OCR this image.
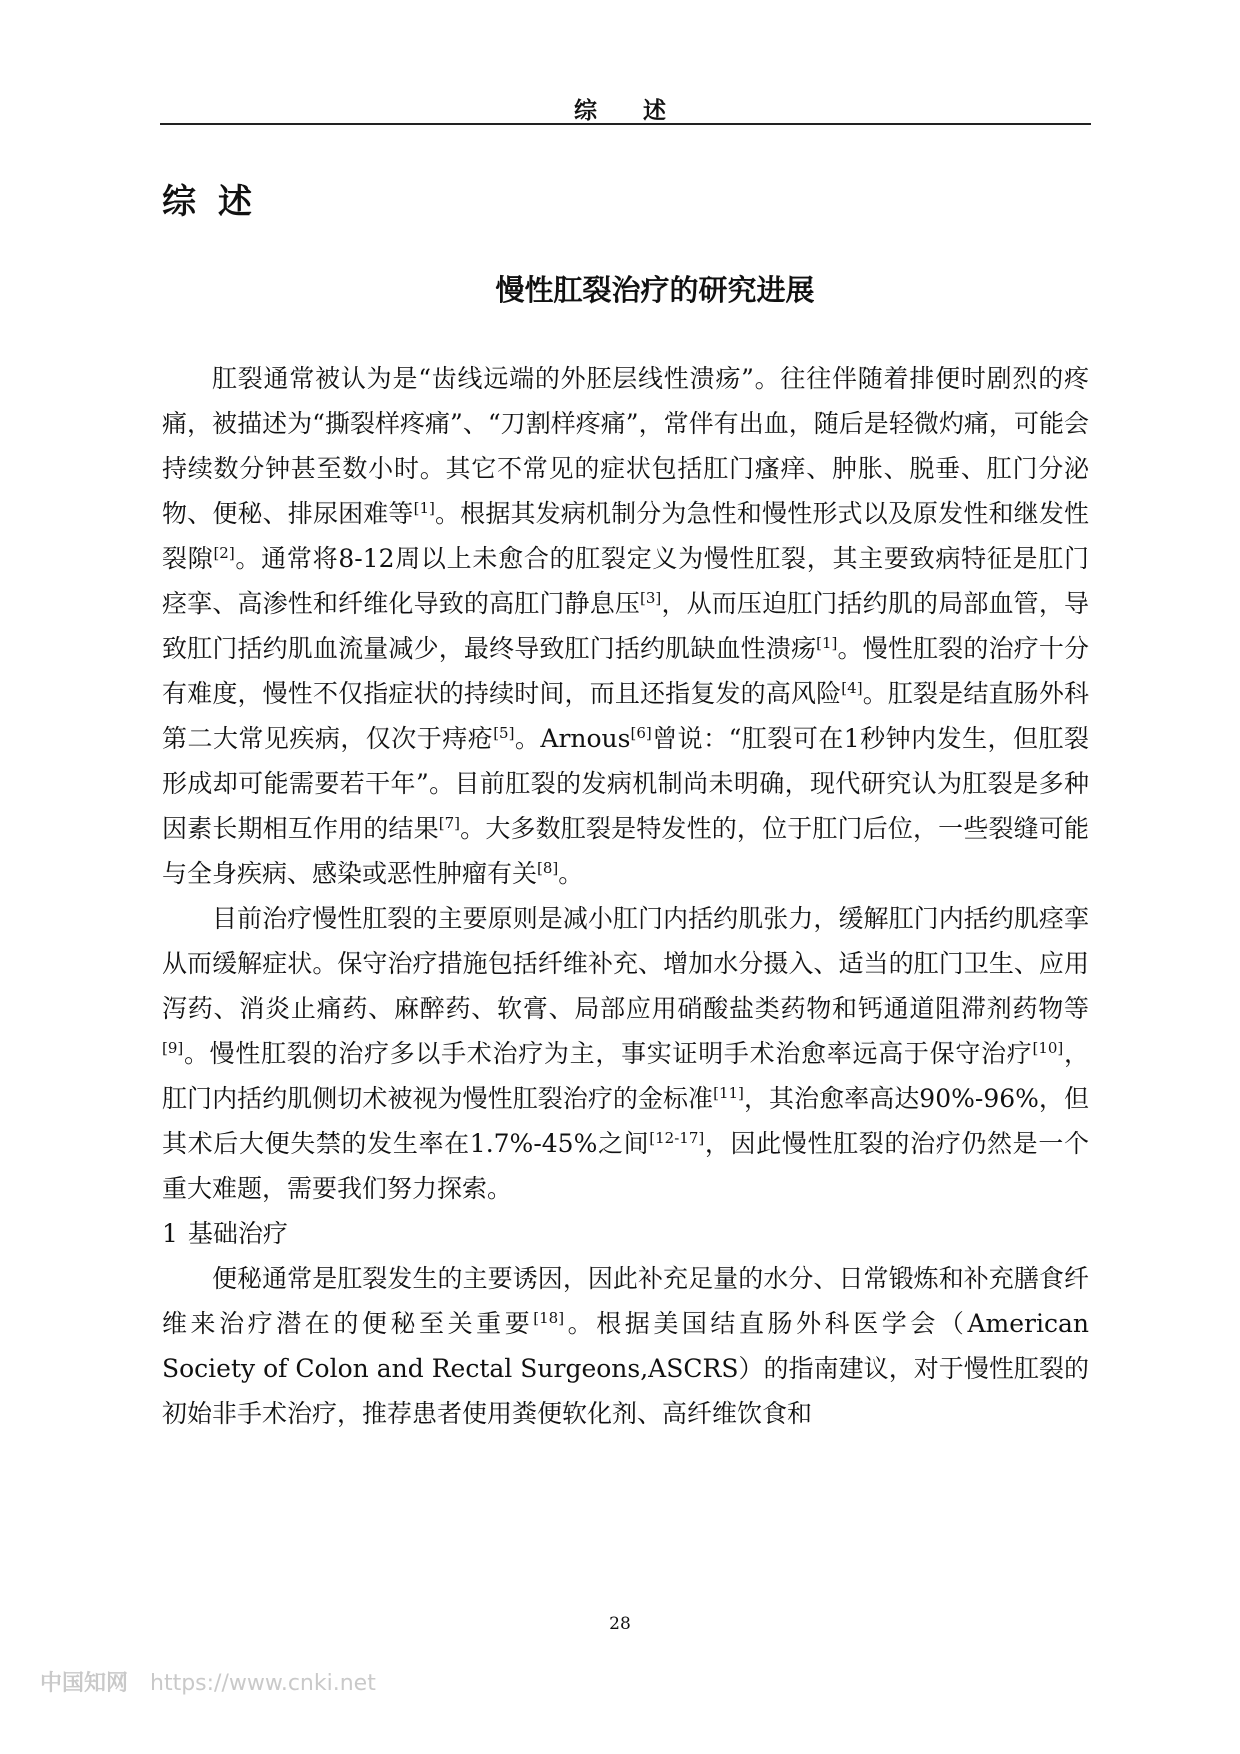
综述
综述
慢性肛裂治疗的研究进展

肛裂通常被认为是“齿线远端的外胚层线性溃疡”。往往伴随着排便时剧烈的疼痛，被描述为“撕裂样疼痛”、“刀割样疼痛”，常伴有出血，随后是轻微灼痛，可能会持续数分钟甚至数小时。其它不常见的症状包括肛门瘙痒、肿胀、脱垂、肛门分泌物、便秘、排尿困难等[1]。根据其发病机制分为急性和慢性形式以及原发性和继发性裂隙[2]。通常将8-12周以上未愈合的肛裂定义为慢性肛裂，其主要致病特征是肛门痉挛、高渗性和纤维化导致的高肛门静息压[3]，从而压迫肛门括约肌的局部血管，导致肛门括约肌血流量减少，最终导致肛门括约肌缺血性溃疡[1]。慢性肛裂的治疗十分有难度，慢性不仅指症状的持续时间，而且还指复发的高风险[4]。肛裂是结直肠外科第二大常见疾病，仅次于痔疮[5]。Arnous[6]曾说：“肛裂可在1秒钟内发生，但肛裂形成却可能需要若干年”。目前肛裂的发病机制尚未明确，现代研究认为肛裂是多种因素长期相互作用的结果[7]。大多数肛裂是特发性的，位于肛门后位，一些裂缝可能与全身疾病、感染或恶性肿瘤有关[8]。

目前治疗慢性肛裂的主要原则是减小肛门内括约肌张力，缓解肛门内括约肌痉挛从而缓解症状。保守治疗措施包括纤维补充、增加水分摄入、适当的肛门卫生、应用泻药、消炎止痛药、麻醉药、软膏、局部应用硝酸盐类药物和钙通道阻滞剂药物等[9]。慢性肛裂的治疗多以手术治疗为主，事实证明手术治愈率远高于保守治疗[10]，肛门内括约肌侧切术被视为慢性肛裂治疗的金标准[11]，其治愈率高达90%-96%，但其术后大便失禁的发生率在1.7%-45%之间[12-17]，因此慢性肛裂的治疗仍然是一个重大难题，需要我们努力探索。

1 基础治疗

便秘通常是肛裂发生的主要诱因，因此补充足量的水分、日常锻炼和补充膳食纤维来治疗潜在的便秘至关重要[18]。根据美国结直肠外科医学会（American Society of Colon and Rectal Surgeons,ASCRS）的指南建议，对于慢性肛裂的初始非手术治疗，推荐患者使用粪便软化剂、高纤维饮食和

28
中国知网 https://www.cnki.net
